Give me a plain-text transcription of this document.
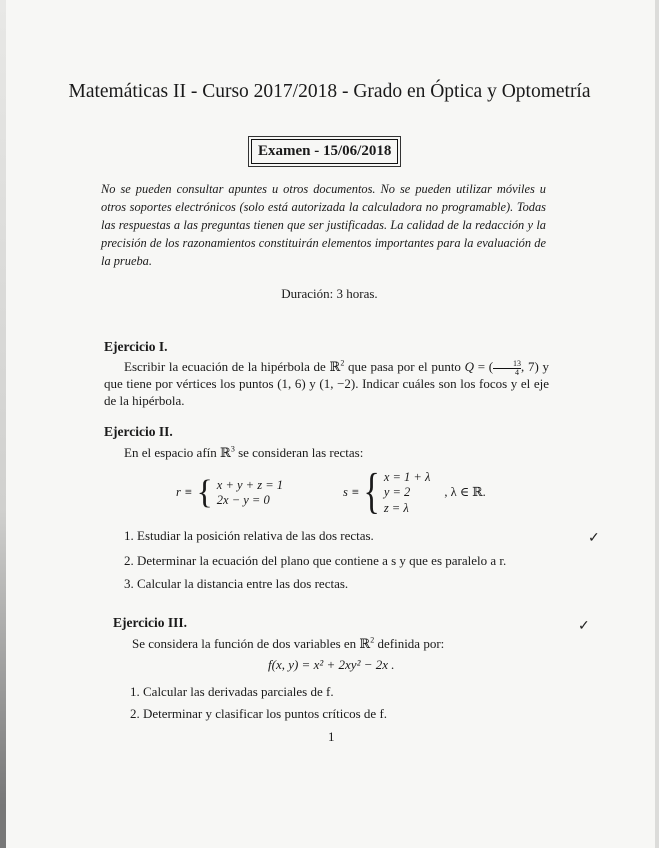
Matemáticas II - Curso 2017/2018 - Grado en Óptica y Optometría
Examen - 15/06/2018
No se pueden consultar apuntes u otros documentos. No se pueden utilizar móviles u otros soportes electrónicos (solo está autorizada la calculadora no programable). Todas las respuestas a las preguntas tienen que ser justificadas. La calidad de la redacción y la precisión de los razonamientos constituirán elementos importantes para la evaluación de la prueba.
Duración: 3 horas.
Ejercicio I.
Escribir la ecuación de la hipérbola de ℝ$^2$ que pasa por el punto Q = ( $\frac{13}{4}$ , 7) y que tiene por vértices los puntos (1, 6) y (1, −2). Indicar cuáles son los focos y el eje de la hipérbola.
Ejercicio II.
En el espacio afín ℝ$^3$ se consideran las rectas:
r ≡ { x + y + z = 1
2x − y = 0
s ≡ { x = 1 + λ
y = 2
z = λ
, λ ∈ ℝ.
1. Estudiar la posición relativa de las dos rectas.
2. Determinar la ecuación del plano que contiene a s y que es paralelo a r.
3. Calcular la distancia entre las dos rectas.
Ejercicio III.
Se considera la función de dos variables en ℝ$^2$ definida por:
f(x, y) = x² + 2xy² − 2x .
1. Calcular las derivadas parciales de f.
2. Determinar y clasificar los puntos críticos de f.
1
✓
✓
